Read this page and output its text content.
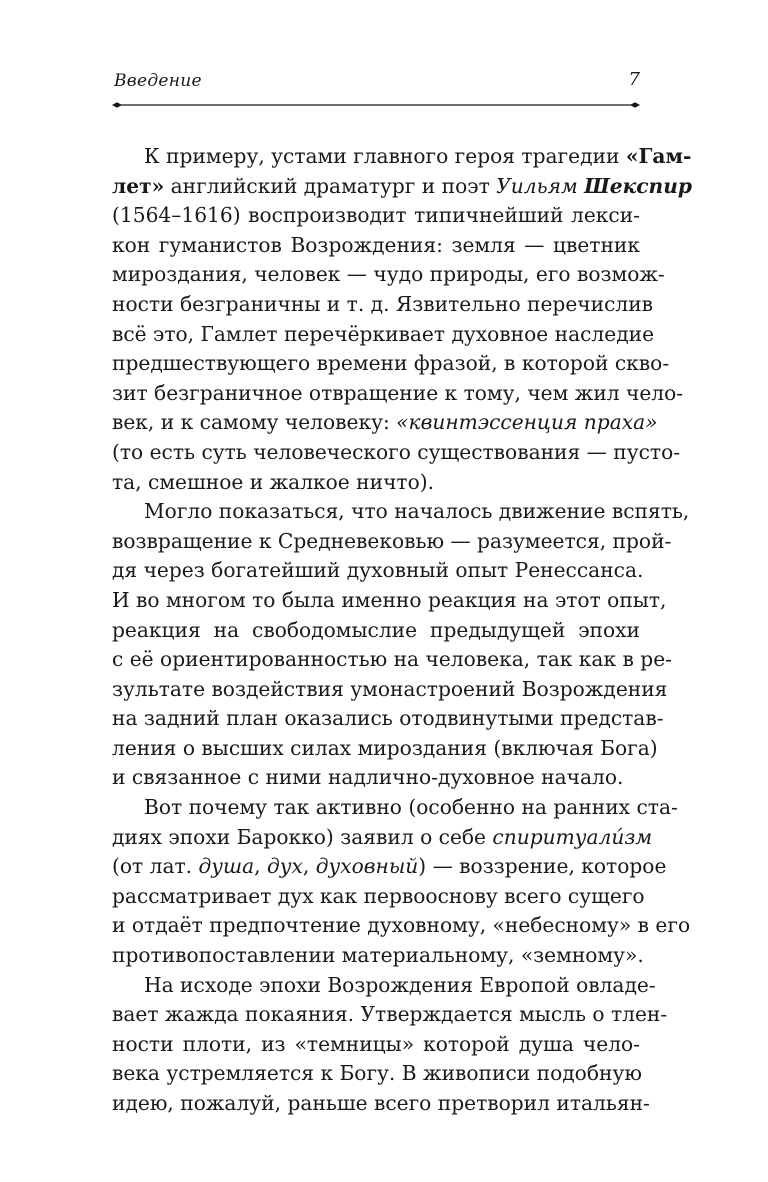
Введение	7
К примеру, устами главного героя трагедии «Гам-
лет» английский драматург и поэт Уильям Шекспир
(1564–1616) воспроизводит типичнейший лекси-
кон гуманистов Возрождения: земля — цветник
мироздания, человек — чудо природы, его возмож-
ности безграничны и т. д. Язвительно перечислив
всё это, Гамлет перечёркивает духовное наследие
предшествующего времени фразой, в которой скво-
зит безграничное отвращение к тому, чем жил чело-
век, и к самому человеку: «квинтэссенция праха»
(то есть суть человеческого существования — пусто-
та, смешное и жалкое ничто).
Могло показаться, что началось движение вспять,
возвращение к Средневековью — разумеется, прой-
дя через богатейший духовный опыт Ренессанса.
И во многом то была именно реакция на этот опыт,
реакция на свободомыслие предыдущей эпохи
с её ориентированностью на человека, так как в ре-
зультате воздействия умонастроений Возрождения
на задний план оказались отодвинутыми представ-
ления о высших силах мироздания (включая Бога)
и связанное с ними надлично-духовное начало.
Вот почему так активно (особенно на ранних ста-
диях эпохи Барокко) заявил о себе спиритуали́зм
(от лат. душа, дух, духовный) — воззрение, которое
рассматривает дух как первооснову всего сущего
и отдаёт предпочтение духовному, «небесному» в его
противопоставлении материальному, «земному».
На исходе эпохи Возрождения Европой овладе-
вает жажда покаяния. Утверждается мысль о тлен-
ности плоти, из «темницы» которой душа чело-
века устремляется к Богу. В живописи подобную
идею, пожалуй, раньше всего претворил итальян-
